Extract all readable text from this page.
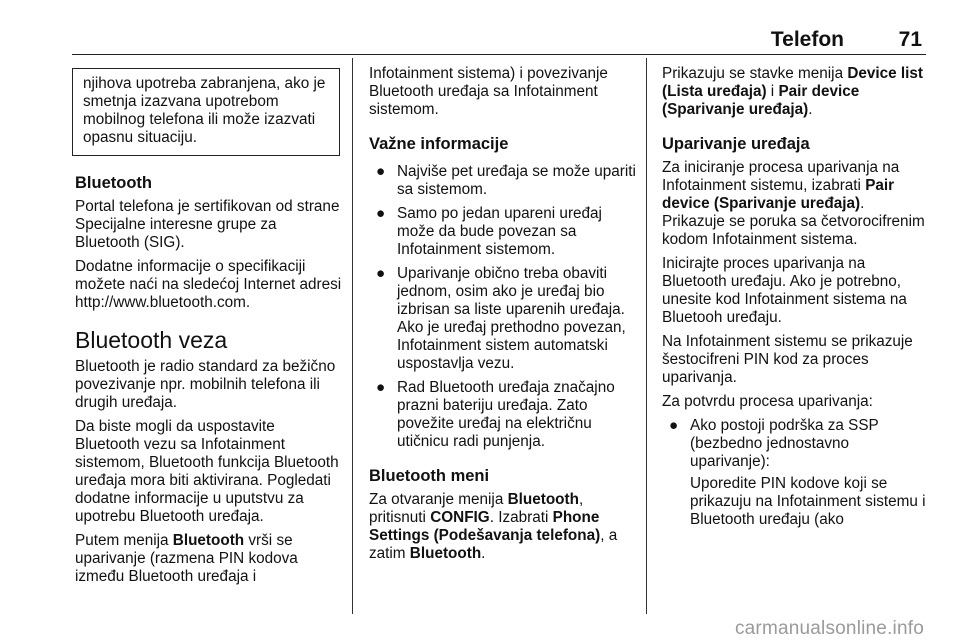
Telefon	71
njihova upotreba zabranjena, ako je smetnja izazvana upotrebom mobilnog telefona ili može izazvati opasnu situaciju.
Bluetooth

Portal telefona je sertifikovan od strane Specijalne interesne grupe za Bluetooth (SIG).

Dodatne informacije o specifikaciji možete naći na sledećoj Internet adresi http://www.bluetooth.com.

Bluetooth veza

Bluetooth je radio standard za bežično povezivanje npr. mobilnih telefona ili drugih uređaja.

Da biste mogli da uspostavite Bluetooth vezu sa Infotainment sistemom, Bluetooth funkcija Bluetooth uređaja mora biti aktivirana. Pogledati dodatne informacije u uputstvu za upotrebu Bluetooth uređaja.

Putem menija Bluetooth vrši se uparivanje (razmena PIN kodova između Bluetooth uređaja i

Infotainment sistema) i povezivanje Bluetooth uređaja sa Infotainment sistemom.

Važne informacije
● Najviše pet uređaja se može upariti sa sistemom.
● Samo po jedan upareni uređaj može da bude povezan sa Infotainment sistemom.
● Uparivanje obično treba obaviti jednom, osim ako je uređaj bio izbrisan sa liste uparenih uređaja. Ako je uređaj prethodno povezan, Infotainment sistem automatski uspostavlja vezu.
● Rad Bluetooth uređaja značajno prazni bateriju uređaja. Zato povežite uređaj na električnu utičnicu radi punjenja.
Bluetooth meni

Za otvaranje menija Bluetooth, pritisnuti CONFIG. Izabrati Phone Settings (Podešavanja telefona), a zatim Bluetooth.

Prikazuju se stavke menija Device list (Lista uređaja) i Pair device (Sparivanje uređaja).

Uparivanje uređaja

Za iniciranje procesa uparivanja na Infotainment sistemu, izabrati Pair device (Sparivanje uređaja).

Prikazuje se poruka sa četvorocifrenim kodom Infotainment sistema.

Inicirajte proces uparivanja na Bluetooth uređaju. Ako je potrebno, unesite kod Infotainment sistema na Bluetooh uređaju.

Na Infotainment sistemu se prikazuje šestocifreni PIN kod za proces uparivanja.

Za potvrdu procesa uparivanja:

● Ako postoji podrška za SSP (bezbedno jednostavno uparivanje):
Uporedite PIN kodove koji se prikazuju na Infotainment sistemu i Bluetooth uređaju (ako
carmanualsonline.info
